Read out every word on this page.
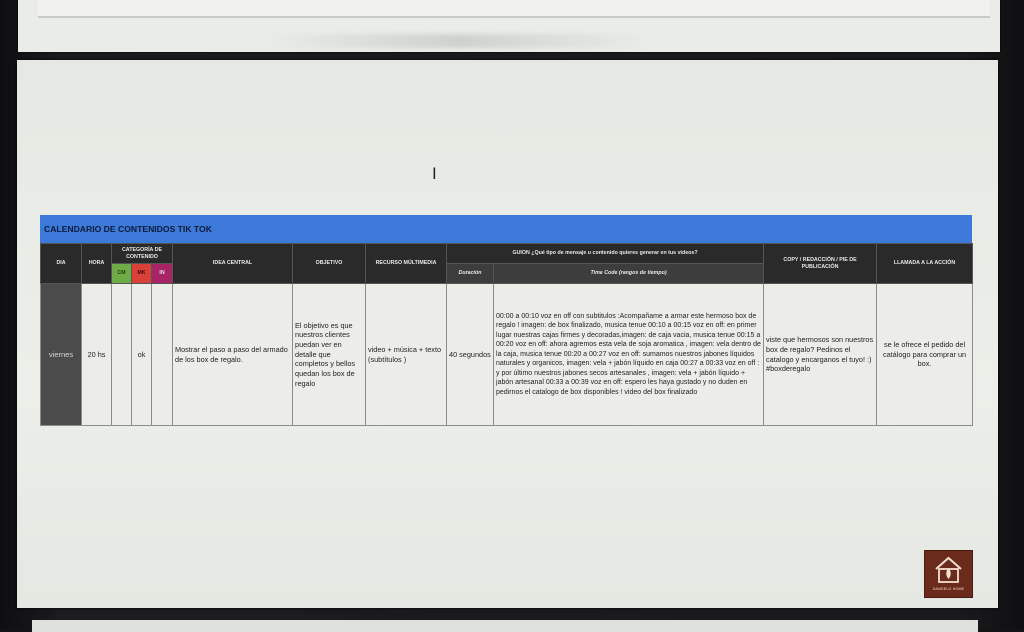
Ι
CALENDARIO DE CONTENIDOS TIK TOK
DIA	HORA	CATEGORÍA DE CONTENIDO			IDEA CENTRAL	OBJETIVO	RECURSO MÚLTIMEDIA	GUION ¿Qué tipo de mensaje u contenido quieres generar en tus videos?		COPY / REDACCIÓN / PIE DE PUBLICACIÓN	LLAMADA A LA ACCIÓN
		CM	MK	IN				Duración	Time Code (rangos de tiempo)		
viernes	20 hs		ok		Mostrar el paso a paso del armado de los box de regalo.	El objetivo es que nuestros clientes puedan ver en detalle que completos y bellos quedan los box de regalo	video + música + texto (subtítulos )	40 segundos	00:00 a 00:10 voz en off con subtitulos :Acompañame a armar este hermoso box de regalo ! imagen: de box finalizado, musica tenue 00:10 a 00:15 voz en off: en primer lugar nuestras cajas firmes y decoradas,imagen: de caja vacia, musica tenue 00:15 a 00:20 voz en off: ahora agremos esta vela de soja aromatica , imagen: vela dentro de la caja, musica tenue 00:20 a 00:27 voz en off: sumamos nuestros jabones líquidos naturales y organicos, imagen: vela + jabón líquido en caja 00:27 a 00:33 voz en off : y por último nuestros jabones secos artesanales , imagen: vela + jabón líquido + jabón artesanal 00:33 a 00:39 voz en off: espero les haya gustado y no duden en pedirnos el catalogo de box disponibles ! video del box finalizado	viste que hermosos son nuestros box de regalo? Pedinos el catalogo y encarganos el tuyo! :) #boxderegalo	se le ofrece el pedido del catálogo para comprar un box.
DANDELO HOME
